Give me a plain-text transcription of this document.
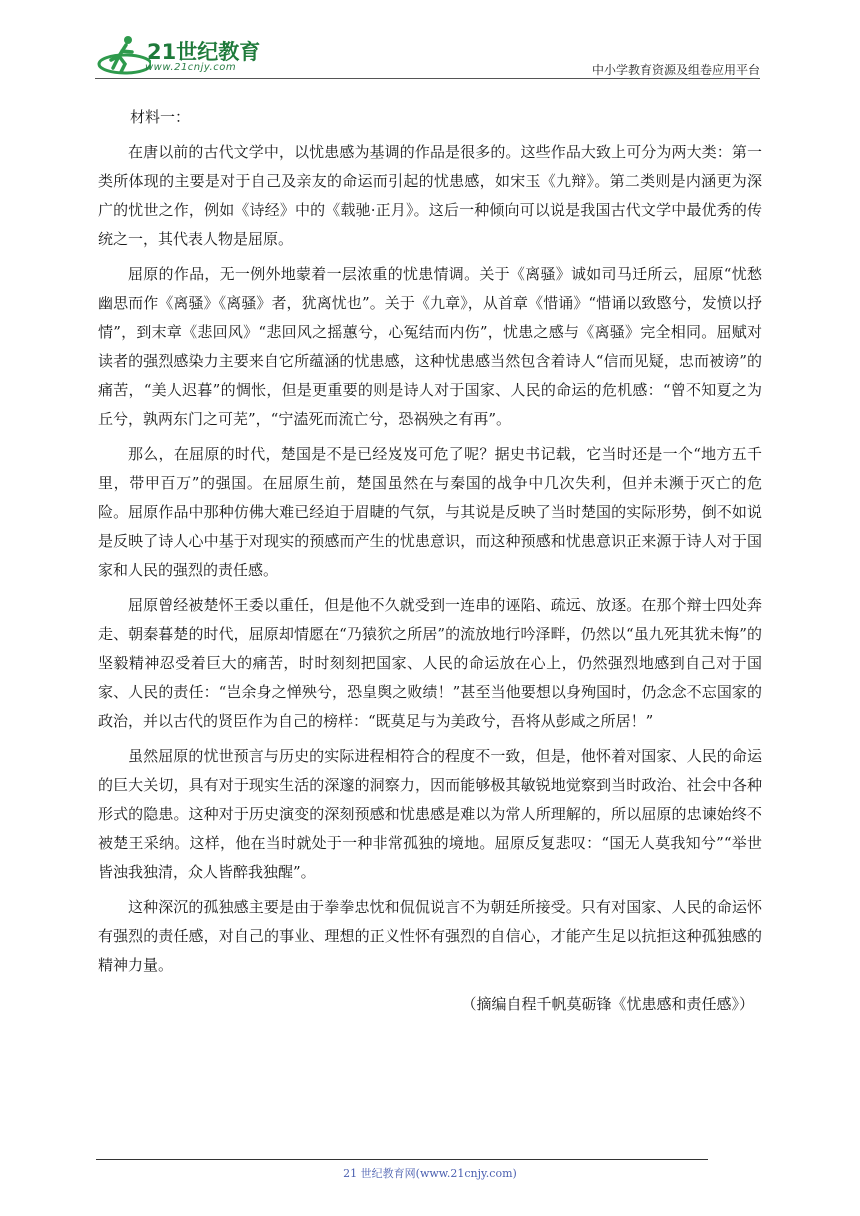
21世纪教育
www.21cnjy.com	中小学教育资源及组卷应用平台
材料一：

在唐以前的古代文学中，以忧患感为基调的作品是很多的。这些作品大致上可分为两大类：第一类所体现的主要是对于自己及亲友的命运而引起的忧患感，如宋玉《九辩》。第二类则是内涵更为深广的忧世之作，例如《诗经》中的《载驰·正月》。这后一种倾向可以说是我国古代文学中最优秀的传统之一，其代表人物是屈原。

屈原的作品，无一例外地蒙着一层浓重的忧患情调。关于《离骚》诚如司马迁所云，屈原“忧愁幽思而作《离骚》《离骚》者，犹离忧也”。关于《九章》，从首章《惜诵》“惜诵以致愍兮，发愤以抒情”，到末章《悲回风》“悲回风之摇蕙兮，心冤结而内伤”，忧患之感与《离骚》完全相同。屈赋对读者的强烈感染力主要来自它所蕴涵的忧患感，这种忧患感当然包含着诗人“信而见疑，忠而被谤”的痛苦，“美人迟暮”的惆怅，但是更重要的则是诗人对于国家、人民的命运的危机感：“曾不知夏之为丘兮，孰两东门之可芜”，“宁溘死而流亡兮，恐祸殃之有再”。

那么，在屈原的时代，楚国是不是已经岌岌可危了呢？据史书记载，它当时还是一个“地方五千里，带甲百万”的强国。在屈原生前，楚国虽然在与秦国的战争中几次失利，但并未濒于灭亡的危险。屈原作品中那种仿佛大难已经迫于眉睫的气氛，与其说是反映了当时楚国的实际形势，倒不如说是反映了诗人心中基于对现实的预感而产生的忧患意识，而这种预感和忧患意识正来源于诗人对于国家和人民的强烈的责任感。

屈原曾经被楚怀王委以重任，但是他不久就受到一连串的诬陷、疏远、放逐。在那个辩士四处奔走、朝秦暮楚的时代，屈原却情愿在“乃猿狖之所居”的流放地行吟泽畔，仍然以“虽九死其犹未悔”的坚毅精神忍受着巨大的痛苦，时时刻刻把国家、人民的命运放在心上，仍然强烈地感到自己对于国家、人民的责任：“岂余身之惮殃兮，恐皇舆之败绩！”甚至当他要想以身殉国时，仍念念不忘国家的政治，并以古代的贤臣作为自己的榜样：“既莫足与为美政兮，吾将从彭咸之所居！”

虽然屈原的忧世预言与历史的实际进程相符合的程度不一致，但是，他怀着对国家、人民的命运的巨大关切，具有对于现实生活的深邃的洞察力，因而能够极其敏锐地觉察到当时政治、社会中各种形式的隐患。这种对于历史演变的深刻预感和忧患感是难以为常人所理解的，所以屈原的忠谏始终不被楚王采纳。这样，他在当时就处于一种非常孤独的境地。屈原反复悲叹：“国无人莫我知兮”“举世皆浊我独清，众人皆醉我独醒”。

这种深沉的孤独感主要是由于拳拳忠忱和侃侃说言不为朝廷所接受。只有对国家、人民的命运怀有强烈的责任感，对自己的事业、理想的正义性怀有强烈的自信心，才能产生足以抗拒这种孤独感的精神力量。

（摘编自程千帆莫砺锋《忧患感和责任感》）
21 世纪教育网(www.21cnjy.com)
